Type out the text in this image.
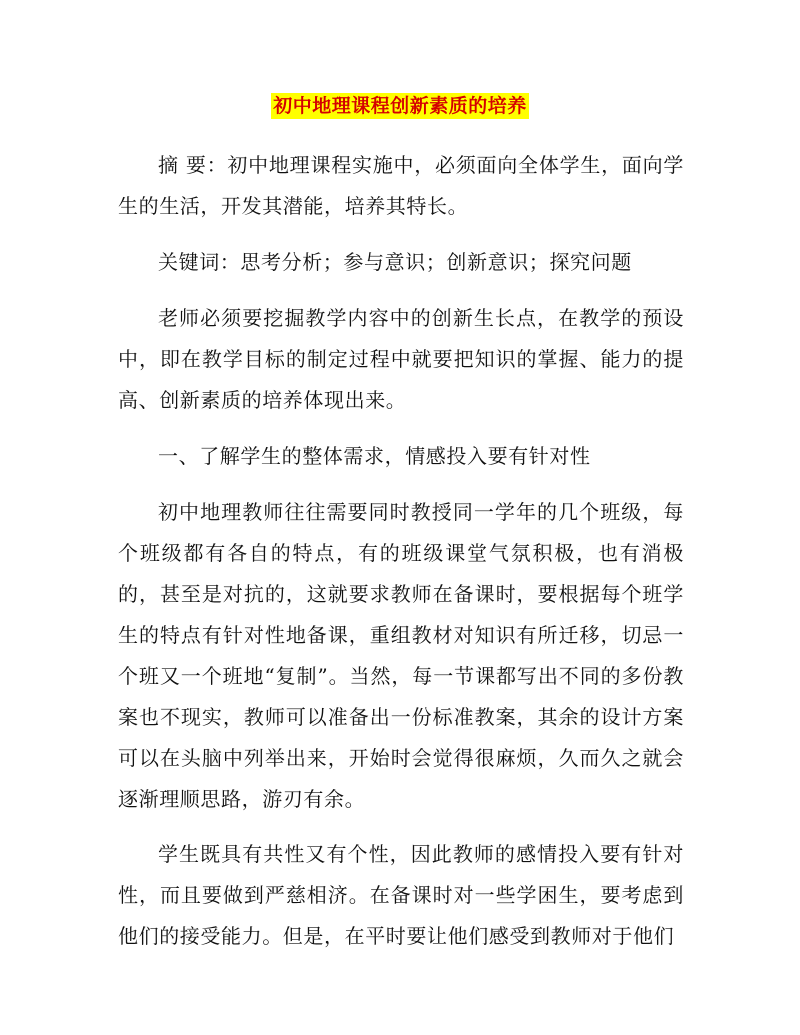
初中地理课程创新素质的培养

摘 要：初中地理课程实施中，必须面向全体学生，面向学生的生活，开发其潜能，培养其特长。

关键词：思考分析；参与意识；创新意识；探究问题

老师必须要挖掘教学内容中的创新生长点，在教学的预设中，即在教学目标的制定过程中就要把知识的掌握、能力的提高、创新素质的培养体现出来。

一、了解学生的整体需求，情感投入要有针对性

初中地理教师往往需要同时教授同一学年的几个班级，每个班级都有各自的特点，有的班级课堂气氛积极，也有消极的，甚至是对抗的，这就要求教师在备课时，要根据每个班学生的特点有针对性地备课，重组教材对知识有所迁移，切忌一个班又一个班地“复制”。当然，每一节课都写出不同的多份教案也不现实，教师可以准备出一份标准教案，其余的设计方案可以在头脑中列举出来，开始时会觉得很麻烦，久而久之就会逐渐理顺思路，游刃有余。

学生既具有共性又有个性，因此教师的感情投入要有针对性，而且要做到严慈相济。在备课时对一些学困生，要考虑到他们的接受能力。但是，在平时要让他们感受到教师对于他们
